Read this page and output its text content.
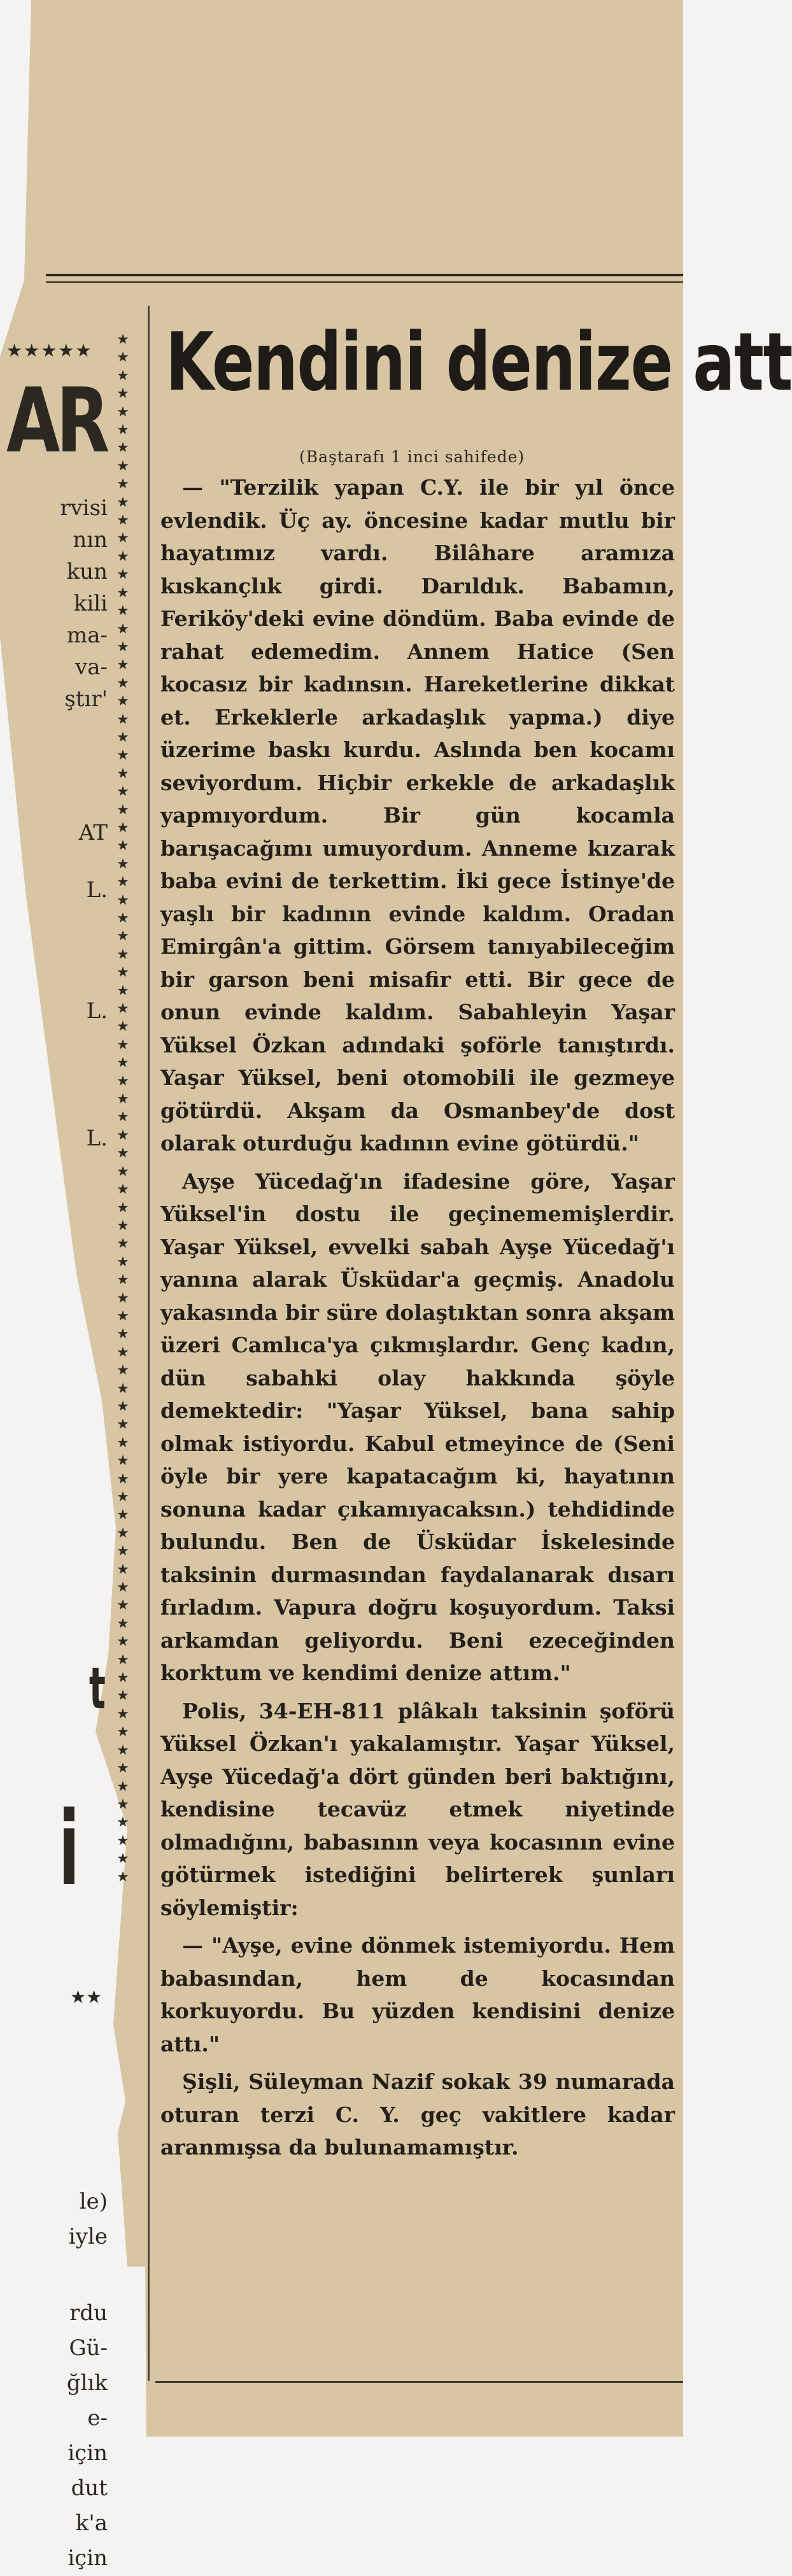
★★★★★
AR
rvisi
nın
kun
kili
ma-
va-
ştır'
AT
L.
L.
L.
t
★★
i
le)
iyle
rdu
Gü-
ğlık
e-
için
dut
k'a
için
★
★
★
★
★
★
★
★
★
★
★
★
★
★
★
★
★
★
★
★
★
★
★
★
★
★
★
★
★
★
★
★
★
★
★
★
★
★
★
★
★
★
★
★
★
★
★
★
★
★
★
★
★
★
★
★
★
★
★
★
★
★
★
★
★
★
★
★
★
★
★
★
★
★
★
★
★
★
★
★
★
★
★
★
★
★
Kendini denize att
(Baştarafı 1 inci sahifede)

— "Terzilik yapan C.Y. ile bir yıl önce evlendik. Üç ay. öncesine kadar mutlu bir hayatımız vardı. Bilâhare aramıza kıskançlık girdi. Darıldık. Babamın, Feriköy'deki evine döndüm. Baba evinde de rahat edemedim. Annem Hatice (Sen kocasız bir kadınsın. Hareketlerine dikkat et. Erkeklerle arkadaşlık yapma.) diye üzerime baskı kurdu. Aslında ben kocamı seviyordum. Hiçbir erkekle de arkadaşlık yapmıyordum. Bir gün kocamla barışacağımı umuyordum. Anneme kızarak baba evini de terkettim. İki gece İstinye'de yaşlı bir kadının evinde kaldım. Oradan Emirgân'a gittim. Görsem tanıyabileceğim bir garson beni misafir etti. Bir gece de onun evinde kaldım. Sabahleyin Yaşar Yüksel Özkan adındaki şoförle tanıştırdı. Yaşar Yüksel, beni otomobili ile gezmeye götürdü. Akşam da Osmanbey'de dost olarak oturduğu kadının evine götürdü."

Ayşe Yücedağ'ın ifadesine göre, Yaşar Yüksel'in dostu ile geçinememişlerdir. Yaşar Yüksel, evvelki sabah Ayşe Yücedağ'ı yanına alarak Üsküdar'a geçmiş. Anadolu yakasında bir süre dolaştıktan sonra akşam üzeri Camlıca'ya çıkmışlardır. Genç kadın, dün sabahki olay hakkında şöyle demektedir: "Yaşar Yüksel, bana sahip olmak istiyordu. Kabul etmeyince de (Seni öyle bir yere kapatacağım ki, hayatının sonuna kadar çıkamıyacaksın.) tehdidinde bulundu. Ben de Üsküdar İskelesinde taksinin durmasından faydalanarak dısarı fırladım. Vapura doğru koşuyordum. Taksi arkamdan geliyordu. Beni ezeceğinden korktum ve kendimi denize attım."

Polis, 34-EH-811 plâkalı taksinin şoförü Yüksel Özkan'ı yakalamıştır. Yaşar Yüksel, Ayşe Yücedağ'a dört günden beri baktığını, kendisine tecavüz etmek niyetinde olmadığını, babasının veya kocasının evine götürmek istediğini belirterek şunları söylemiştir:

— "Ayşe, evine dönmek istemiyordu. Hem babasından, hem de kocasından korkuyordu. Bu yüzden kendisini denize attı."

Şişli, Süleyman Nazif sokak 39 numarada oturan terzi C. Y. geç vakitlere kadar aranmışsa da bulunamamıştır.
